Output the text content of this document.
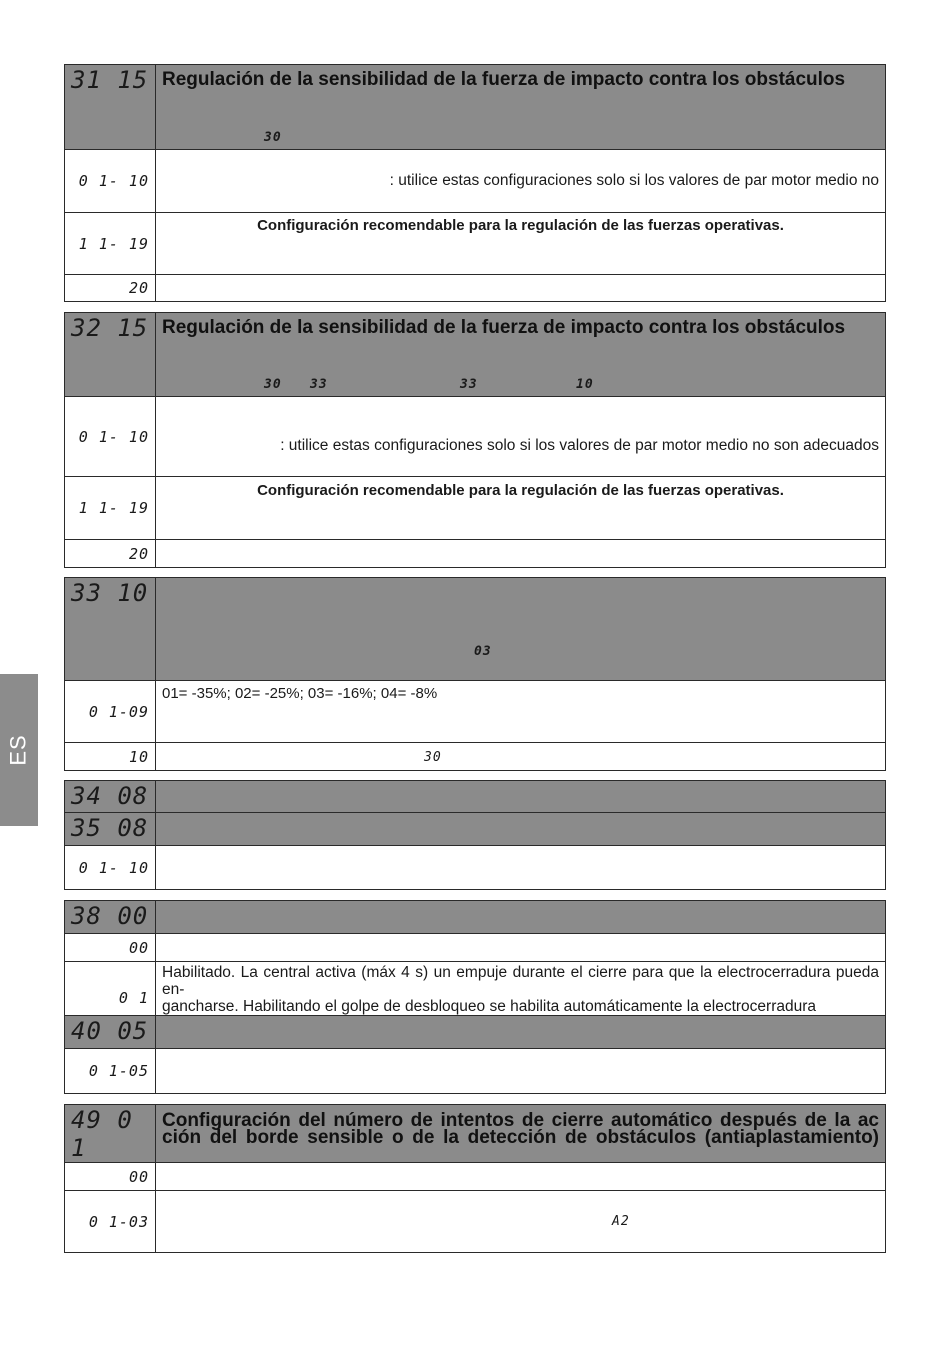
ES
31 15	Regulación de la sensibilidad de la fuerza de impacto contra los obstáculos
30

0 1- 10	: utilice estas configuraciones solo si los valores de par motor medio no

1 1- 19	Configuración recomendable para la regulación de las fuerzas operativas.
20	
32 15	Regulación de la sensibilidad de la fuerza de impacto contra los obstáculos
30 33 33 10

0 1- 10	: utilice estas configuraciones solo si los valores de par motor medio no son adecuados

1 1- 19	Configuración recomendable para la regulación de las fuerzas operativas.
20	
33 10	03

0 1-09	01= -35%; 02= -25%; 03= -16%; 04= -8%
10	30
34 08	
35 08	
0 1- 10	
38 00	
00	
0 1	Habilitado. La central activa (máx 4 s) un empuje durante el cierre para que la electrocerradura pueda en-
gancharse. Habilitando el golpe de desbloqueo se habilita automáticamente la electrocerradura
40 05	
0 1-05	
49 0 1	Configuración del número de intentos de cierre automático después de la ac
ción del borde sensible o de la detección de obstáculos (antiaplastamiento)

00	
0 1-03	A2
